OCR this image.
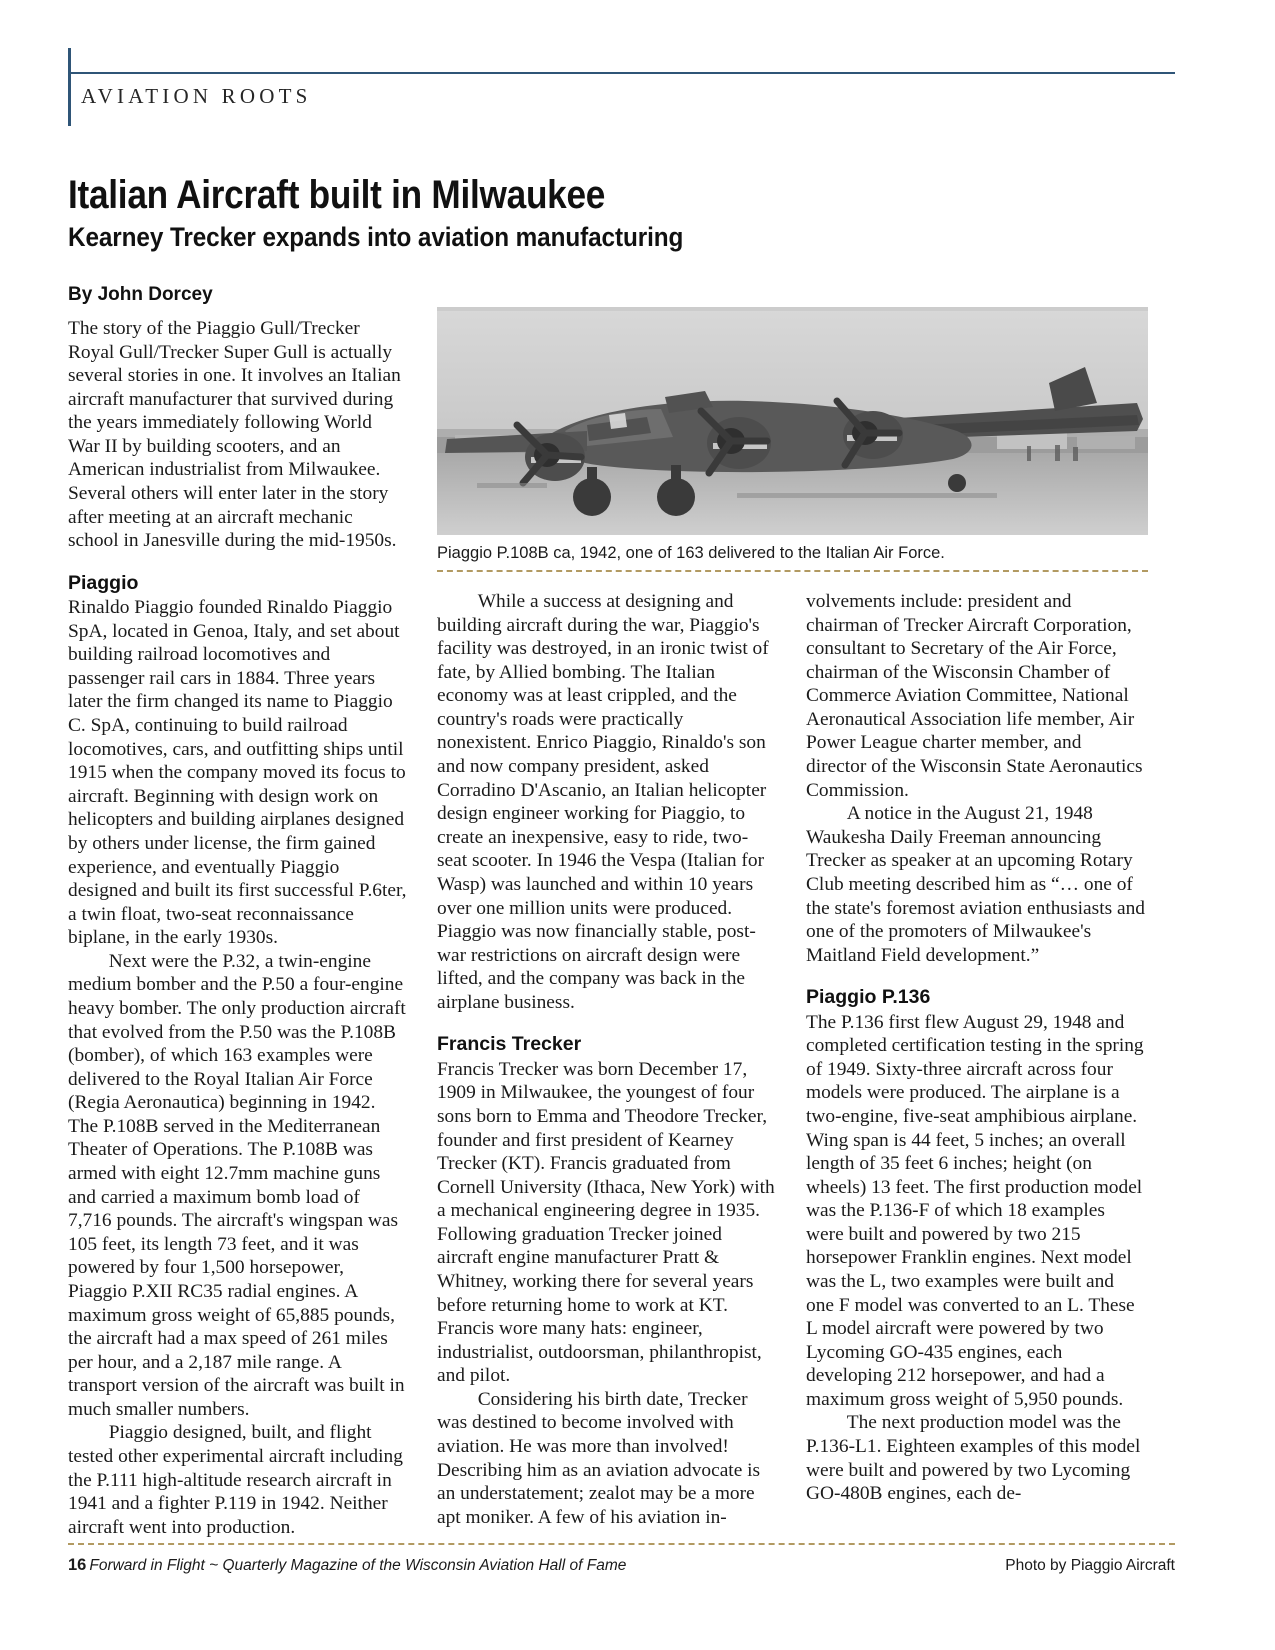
AVIATION ROOTS
Italian Aircraft built in Milwaukee
Kearney Trecker expands into aviation manufacturing
By John Dorcey
Piaggio P.108B ca, 1942, one of 163 delivered to the Italian Air Force.

The story of the Piaggio Gull/Trecker Royal Gull/Trecker Super Gull is actually several stories in one. It involves an Italian aircraft manufacturer that survived during the years immediately following World War II by building scooters, and an American industrialist from Milwaukee. Several others will enter later in the story after meeting at an aircraft mechanic school in Janesville during the mid-1950s.

Piaggio

Rinaldo Piaggio founded Rinaldo Piaggio SpA, located in Genoa, Italy, and set about building railroad locomotives and passenger rail cars in 1884. Three years later the firm changed its name to Piaggio C. SpA, continuing to build railroad locomotives, cars, and outfitting ships until 1915 when the company moved its focus to aircraft. Beginning with design work on helicopters and building airplanes designed by others under license, the firm gained experience, and eventually Piaggio designed and built its first successful P.6ter, a twin float, two-seat reconnaissance biplane, in the early 1930s.

Next were the P.32, a twin-engine medium bomber and the P.50 a four-engine heavy bomber. The only production aircraft that evolved from the P.50 was the P.108B (bomber), of which 163 examples were delivered to the Royal Italian Air Force (Regia Aeronautica) beginning in 1942. The P.108B served in the Mediterranean Theater of Operations. The P.108B was armed with eight 12.7mm machine guns and carried a maximum bomb load of 7,716 pounds. The aircraft's wingspan was 105 feet, its length 73 feet, and it was powered by four 1,500 horsepower, Piaggio P.XII RC35 radial engines. A maximum gross weight of 65,885 pounds, the aircraft had a max speed of 261 miles per hour, and a 2,187 mile range. A transport version of the aircraft was built in much smaller numbers.

Piaggio designed, built, and flight tested other experimental aircraft including the P.111 high-altitude research aircraft in 1941 and a fighter P.119 in 1942. Neither aircraft went into production.

While a success at designing and building aircraft during the war, Piaggio's facility was destroyed, in an ironic twist of fate, by Allied bombing. The Italian economy was at least crippled, and the country's roads were practically nonexistent. Enrico Piaggio, Rinaldo's son and now company president, asked Corradino D'Ascanio, an Italian helicopter design engineer working for Piaggio, to create an inexpensive, easy to ride, two-seat scooter. In 1946 the Vespa (Italian for Wasp) was launched and within 10 years over one million units were produced. Piaggio was now financially stable, post-war restrictions on aircraft design were lifted, and the company was back in the airplane business.

Francis Trecker

Francis Trecker was born December 17, 1909 in Milwaukee, the youngest of four sons born to Emma and Theodore Trecker, founder and first president of Kearney Trecker (KT). Francis graduated from Cornell University (Ithaca, New York) with a mechanical engineering degree in 1935. Following graduation Trecker joined aircraft engine manufacturer Pratt & Whitney, working there for several years before returning home to work at KT. Francis wore many hats: engineer, industrialist, outdoorsman, philanthropist, and pilot.

Considering his birth date, Trecker was destined to become involved with aviation. He was more than involved! Describing him as an aviation advocate is an understatement; zealot may be a more apt moniker. A few of his aviation in-

volvements include: president and chairman of Trecker Aircraft Corporation, consultant to Secretary of the Air Force, chairman of the Wisconsin Chamber of Commerce Aviation Committee, National Aeronautical Association life member, Air Power League charter member, and director of the Wisconsin State Aeronautics Commission.

A notice in the August 21, 1948 Waukesha Daily Freeman announcing Trecker as speaker at an upcoming Rotary Club meeting described him as “… one of the state's foremost aviation enthusiasts and one of the promoters of Milwaukee's Maitland Field development.”

Piaggio P.136

The P.136 first flew August 29, 1948 and completed certification testing in the spring of 1949. Sixty-three aircraft across four models were produced. The airplane is a two-engine, five-seat amphibious airplane. Wing span is 44 feet, 5 inches; an overall length of 35 feet 6 inches; height (on wheels) 13 feet. The first production model was the P.136-F of which 18 examples were built and powered by two 215 horsepower Franklin engines. Next model was the L, two examples were built and one F model was converted to an L. These L model aircraft were powered by two Lycoming GO-435 engines, each developing 212 horsepower, and had a maximum gross weight of 5,950 pounds.

The next production model was the P.136-L1. Eighteen examples of this model were built and powered by two Lycoming GO-480B engines, each de-

16 Forward in Flight ~ Quarterly Magazine of the Wisconsin Aviation Hall of Fame	Photo by Piaggio Aircraft
